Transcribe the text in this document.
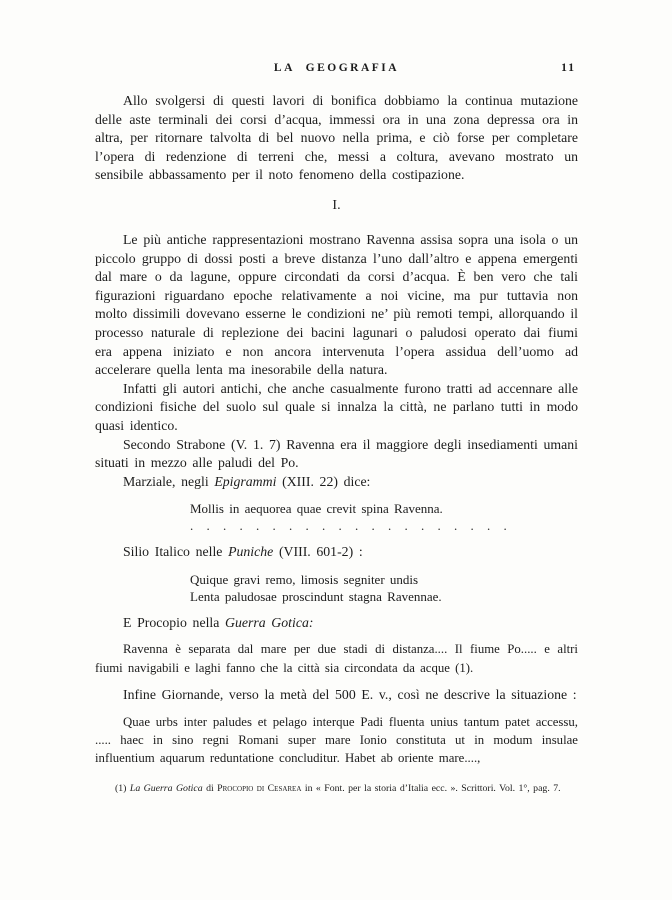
LA GEOGRAFIA	11

Allo svolgersi di questi lavori di bonifica dobbiamo la continua mutazione delle aste terminali dei corsi d’acqua, immessi ora in una zona depressa ora in altra, per ritornare talvolta di bel nuovo nella prima, e ciò forse per completare l’opera di redenzione di terreni che, messi a coltura, avevano mostrato un sensibile abbassamento per il noto fenomeno della costipazione.

I.

Le più antiche rappresentazioni mostrano Ravenna assisa sopra una isola o un piccolo gruppo di dossi posti a breve distanza l’uno dall’altro e appena emergenti dal mare o da lagune, oppure circondati da corsi d’acqua. È ben vero che tali figurazioni riguardano epoche relativamente a noi vicine, ma pur tuttavia non molto dissimili dovevano esserne le condizioni ne’ più remoti tempi, allorquando il processo naturale di replezione dei bacini lagunari o paludosi operato dai fiumi era appena iniziato e non ancora intervenuta l’opera assidua dell’uomo ad accelerare quella lenta ma inesorabile della natura.

Infatti gli autori antichi, che anche casualmente furono tratti ad accennare alle condizioni fisiche del suolo sul quale si innalza la città, ne parlano tutti in modo quasi identico.

Secondo Strabone (V. 1. 7) Ravenna era il maggiore degli insediamenti umani situati in mezzo alle paludi del Po.

Marziale, negli Epigrammi (XIII. 22) dice:

Mollis in aequorea quae crevit spina Ravenna.

. . . . . . . . . . . . . . . . . . . .

Silio Italico nelle Puniche (VIII. 601-2) :

Quique gravi remo, limosis segniter undis

Lenta paludosae proscindunt stagna Ravennae.

E Procopio nella Guerra Gotica:

Ravenna è separata dal mare per due stadi di distanza.... Il fiume Po..... e altri fiumi navigabili e laghi fanno che la città sia circondata da acque (1).

Infine Giornande, verso la metà del 500 E. v., così ne descrive la situazione :

Quae urbs inter paludes et pelago interque Padi fluenta unius tantum patet accessu, ..... haec in sino regni Romani super mare Ionio constituta ut in modum insulae influentium aquarum reduntatione concluditur. Habet ab oriente mare....,

(1) La Guerra Gotica di Procopio di Cesarea in « Font. per la storia d’Italia ecc. ». Scrittori. Vol. 1°, pag. 7.
